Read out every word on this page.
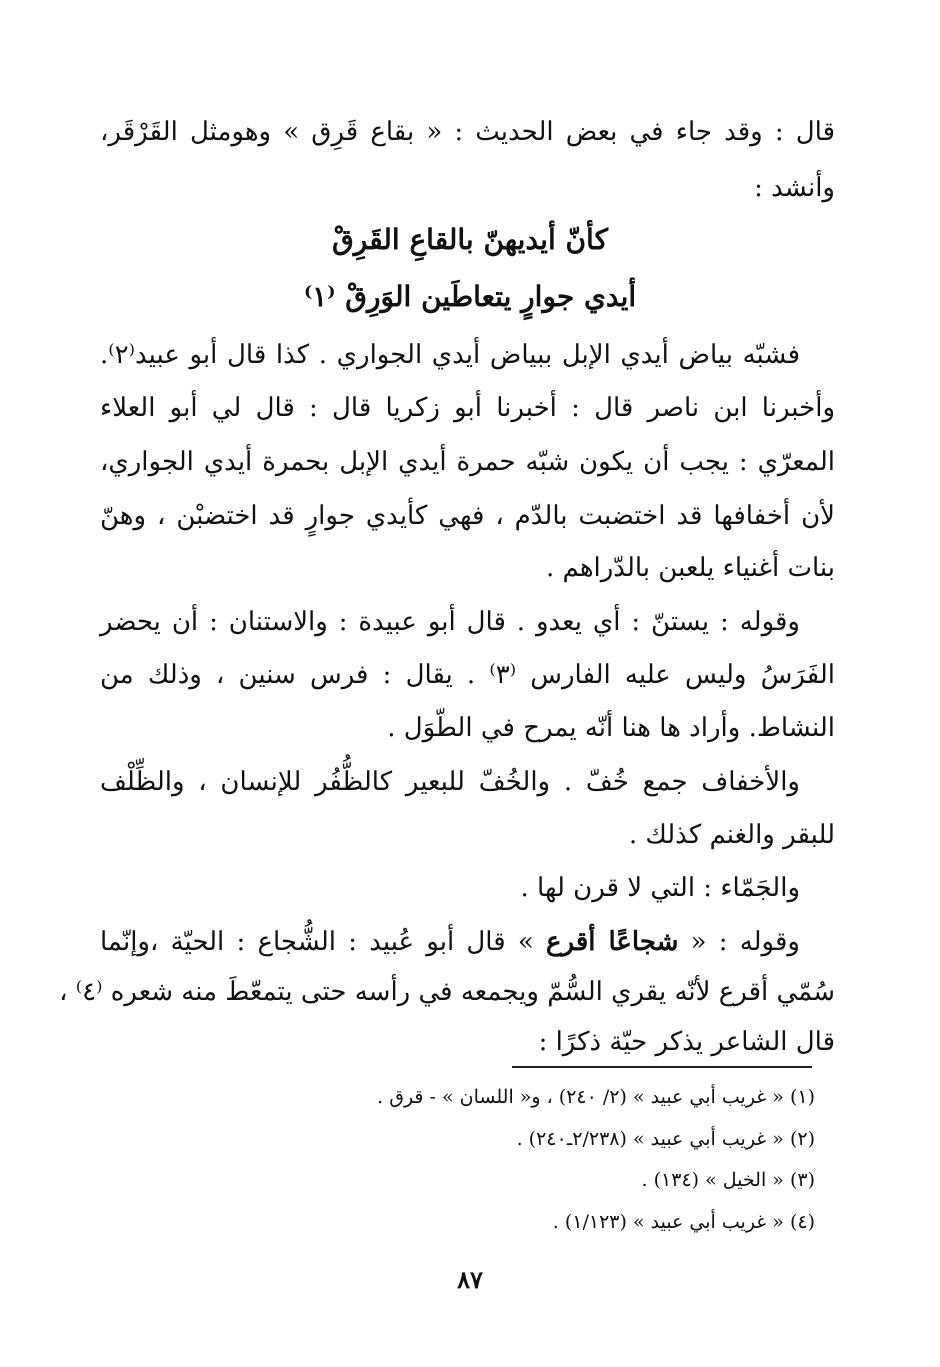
قال : وقد جاء في بعض الحديث : « بقاع قَرِق » وهومثل القَرْقَر،
وأنشد :
كأنّ أيديهنّ بالقاعِ القَرِقْ
أيدي جوارٍ يتعاطَين الوَرِقْ ⁽١⁾
فشبّه بياض أيدي الإبل ببياض أيدي الجواري . كذا قال أبو عبيد⁽٢⁾.
وأخبرنا ابن ناصر قال : أخبرنا أبو زكريا قال : قال لي أبو العلاء
المعرّي : يجب أن يكون شبّه حمرة أيدي الإبل بحمرة أيدي الجواري،
لأن أخفافها قد اختضبت بالدّم ، فهي كأيدي جوارٍ قد اختضبْن ، وهنّ
بنات أغنياء يلعبن بالدّراهم .
وقوله : يستنّ : أي يعدو . قال أبو عبيدة : والاستنان : أن يحضر
الفَرَسُ وليس عليه الفارس ⁽٣⁾ . يقال : فرس سنين ، وذلك من
النشاط. وأراد ها هنا أنّه يمرح في الطّوَل .
والأخفاف جمع خُفّ . والخُفّ للبعير كالظُّفُر للإنسان ، والظِّلْف
للبقر والغنم كذلك .
والجَمّاء : التي لا قرن لها .
وقوله : « شجاعًا أقرع » قال أبو عُبيد : الشُّجاع : الحيّة ،وإنّما
سُمّي أقرع لأنّه يقري السُّمّ ويجمعه في رأسه حتى يتمعّطَ منه شعره ⁽٤⁾ ،
قال الشاعر يذكر حيّة ذكرًا :
(١) « غريب أبي عبيد » (٢/ ٢٤٠) ، و« اللسان » - قرق .
(٢) « غريب أبي عبيد » (٢/٢٣٨ـ٢٤٠) .
(٣) « الخيل » (١٣٤) .
(٤) « غريب أبي عبيد » (١/١٢٣) .
٨٧
